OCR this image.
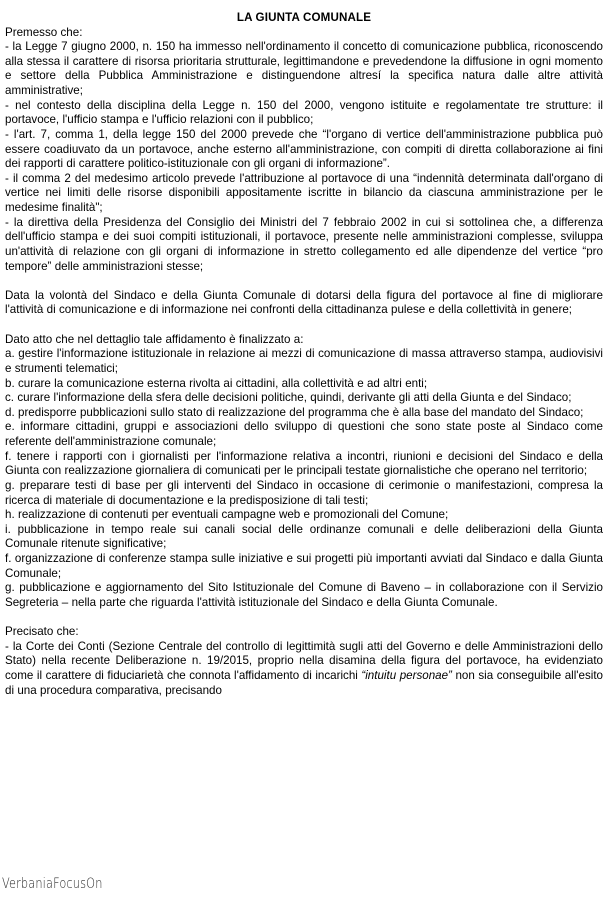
LA GIUNTA COMUNALE

Premesso che:

- la Legge 7 giugno 2000, n. 150 ha immesso nell'ordinamento il concetto di comunicazione pubblica, riconoscendo alla stessa il carattere di risorsa prioritaria strutturale, legittimandone e prevedendone la diffusione in ogni momento e settore della Pubblica Amministrazione e distinguendone altresí la specifica natura dalle altre attività amministrative;

- nel contesto della disciplina della Legge n. 150 del 2000, vengono istituite e regolamentate tre strutture: il portavoce, l'ufficio stampa e l'ufficio relazioni con il pubblico;

- l'art. 7, comma 1, della legge 150 del 2000 prevede che “l'organo di vertice dell'amministrazione pubblica può essere coadiuvato da un portavoce, anche esterno all'amministrazione, con compiti di diretta collaborazione ai fini dei rapporti di carattere politico-istituzionale con gli organi di informazione”.

- il comma 2 del medesimo articolo prevede l'attribuzione al portavoce di una “indennità determinata dall'organo di vertice nei limiti delle risorse disponibili appositamente iscritte in bilancio da ciascuna amministrazione per le medesime finalità";

- la direttiva della Presidenza del Consiglio dei Ministri del 7 febbraio 2002 in cui si sottolinea che, a differenza dell'ufficio stampa e dei suoi compiti istituzionali, il portavoce, presente nelle amministrazioni complesse, sviluppa un'attività di relazione con gli organi di informazione in stretto collegamento ed alle dipendenze del vertice “pro tempore” delle amministrazioni stesse;

Data la volontà del Sindaco e della Giunta Comunale di dotarsi della figura del portavoce al fine di migliorare l'attività di comunicazione e di informazione nei confronti della cittadinanza pulese e della collettività in genere;

Dato atto che nel dettaglio tale affidamento è finalizzato a:

a. gestire l'informazione istituzionale in relazione ai mezzi di comunicazione di massa attraverso stampa, audiovisivi e strumenti telematici;

b. curare la comunicazione esterna rivolta ai cittadini, alla collettività e ad altri enti;

c. curare l'informazione della sfera delle decisioni politiche, quindi, derivante gli atti della Giunta e del Sindaco;

d. predisporre pubblicazioni sullo stato di realizzazione del programma che è alla base del mandato del Sindaco;

e. informare cittadini, gruppi e associazioni dello sviluppo di questioni che sono state poste al Sindaco come referente dell'amministrazione comunale;

f. tenere i rapporti con i giornalisti per l'informazione relativa a incontri, riunioni e decisioni del Sindaco e della Giunta con realizzazione giornaliera di comunicati per le principali testate giornalistiche che operano nel territorio;

g. preparare testi di base per gli interventi del Sindaco in occasione di cerimonie o manifestazioni, compresa la ricerca di materiale di documentazione e la predisposizione di tali testi;

h. realizzazione di contenuti per eventuali campagne web e promozionali del Comune;

i. pubblicazione in tempo reale sui canali social delle ordinanze comunali e delle deliberazioni della Giunta Comunale ritenute significative;

f. organizzazione di conferenze stampa sulle iniziative e sui progetti più importanti avviati dal Sindaco e dalla Giunta Comunale;

g. pubblicazione e aggiornamento del Sito Istituzionale del Comune di Baveno – in collaborazione con il Servizio Segreteria – nella parte che riguarda l'attività istituzionale del Sindaco e della Giunta Comunale.

Precisato che:

- la Corte dei Conti (Sezione Centrale del controllo di legittimità sugli atti del Governo e delle Amministrazioni dello Stato) nella recente Deliberazione n. 19/2015, proprio nella disamina della figura del portavoce, ha evidenziato come il carattere di fiduciarietà che connota l'affidamento di incarichi “intuitu personae” non sia conseguibile all'esito di una procedura comparativa, precisando

VerbaniaFocusOn
